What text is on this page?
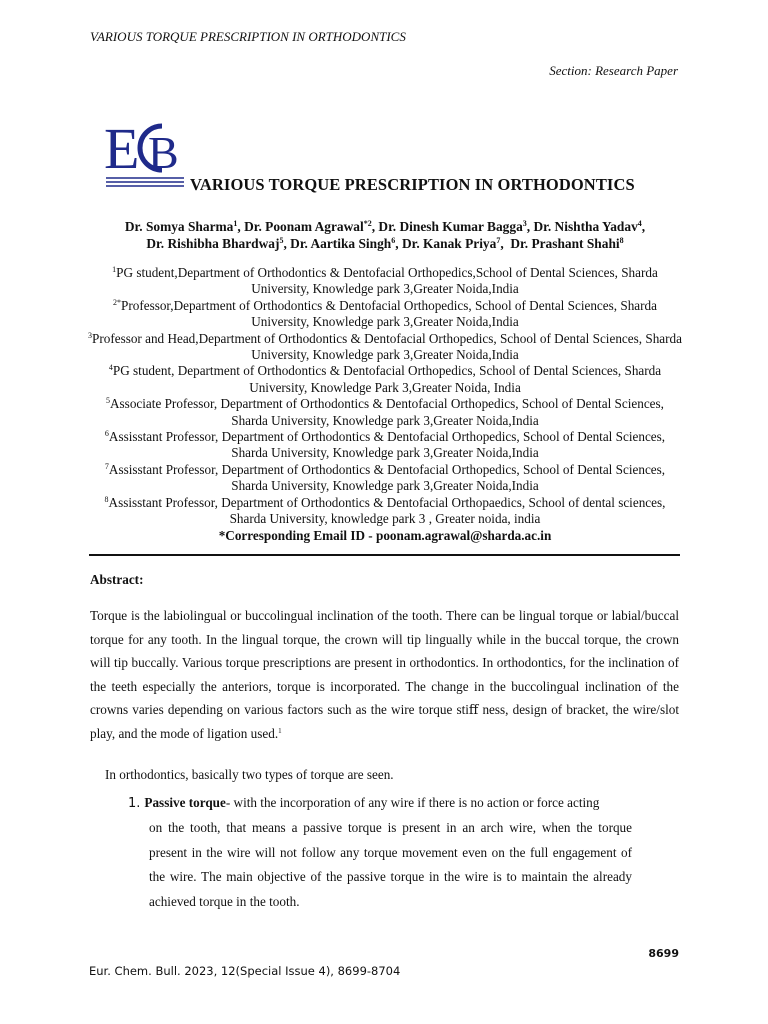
VARIOUS TORQUE PRESCRIPTION IN ORTHODONTICS
Section: Research Paper
E B
VARIOUS TORQUE PRESCRIPTION IN ORTHODONTICS
Dr. Somya Sharma$^1$, Dr. Poonam Agrawal$^{*2}$, Dr. Dinesh Kumar Bagga$^3$, Dr. Nishtha Yadav$^4$,
Dr. Rishibha Bhardwaj$^5$, Dr. Aartika Singh$^6$, Dr. Kanak Priya$^7$,  Dr. Prashant Shahi$^8$
$^1$PG student,Department of Orthodontics & Dentofacial Orthopedics,School of Dental Sciences, Sharda University, Knowledge park 3,Greater Noida,India
$^{2*}$Professor,Department of Orthodontics & Dentofacial Orthopedics, School of Dental Sciences, Sharda University, Knowledge park 3,Greater Noida,India
$^3$Professor and Head,Department of Orthodontics & Dentofacial Orthopedics, School of Dental Sciences, Sharda University, Knowledge park 3,Greater Noida,India
$^4$PG student, Department of Orthodontics & Dentofacial Orthopedics, School of Dental Sciences, Sharda University, Knowledge Park 3,Greater Noida, India
$^5$Associate Professor, Department of Orthodontics & Dentofacial Orthopedics, School of Dental Sciences, Sharda University, Knowledge park 3,Greater Noida,India
$^6$Assisstant Professor, Department of Orthodontics & Dentofacial Orthopedics, School of Dental Sciences, Sharda University, Knowledge park 3,Greater Noida,India
$^7$Assisstant Professor, Department of Orthodontics & Dentofacial Orthopedics, School of Dental Sciences, Sharda University, Knowledge park 3,Greater Noida,India
$^8$Assisstant Professor, Department of Orthodontics & Dentofacial Orthopaedics, School of dental sciences, Sharda University, knowledge park 3 , Greater noida, india
*Corresponding Email ID - poonam.agrawal@sharda.ac.in
Abstract:
Torque is the labiolingual or buccolingual inclination of the tooth. There can be lingual torque or labial/buccal torque for any tooth. In the lingual torque, the crown will tip lingually while in the buccal torque, the crown will tip buccally. Various torque prescriptions are present in orthodontics. In orthodontics, for the inclination of the teeth especially the anteriors, torque is incorporated. The change in the buccolingual inclination of the crowns varies depending on various factors such as the wire torque stiﬀ ness, design of bracket, the wire/slot play, and the mode of ligation used.$^1$
In orthodontics, basically two types of torque are seen.
1. Passive torque- with the incorporation of any wire if there is no action or force acting
on the tooth, that means a passive torque is present in an arch wire, when the torque present in the wire will not follow any torque movement even on the full engagement of the wire. The main objective of the passive torque in the wire is to maintain the already achieved torque in the tooth.
8699
Eur. Chem. Bull. 2023, 12(Special Issue 4), 8699-8704
